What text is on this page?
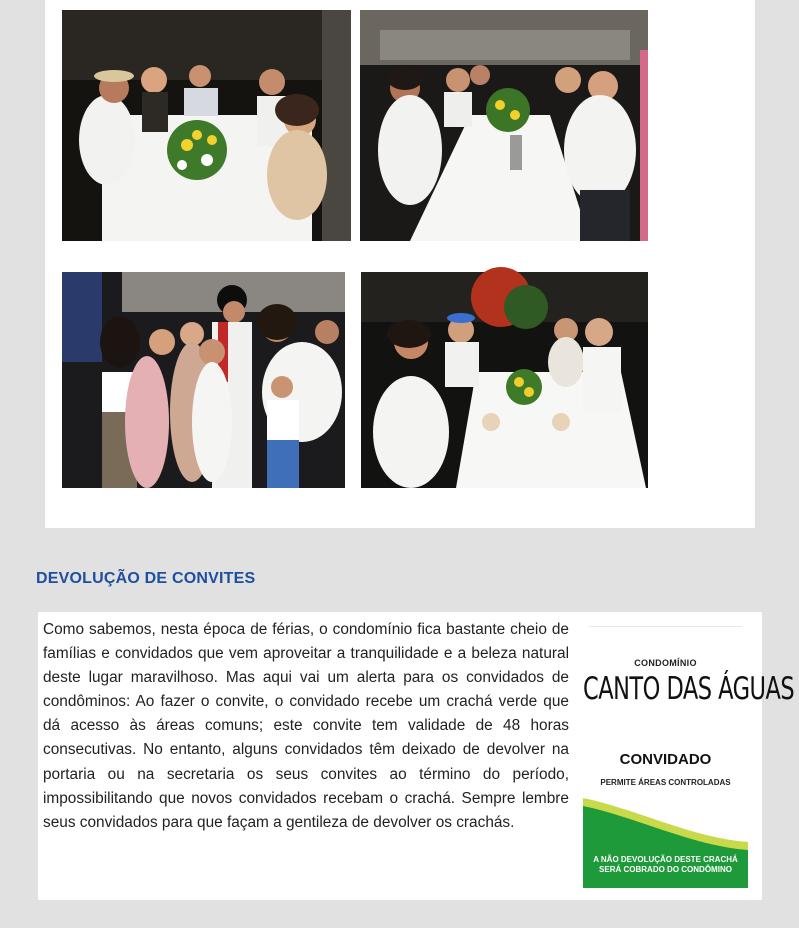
DEVOLUÇÃO DE CONVITES

Como sabemos, nesta época de férias, o condomínio fica bastante cheio de famílias e convidados que vem aproveitar a tranquilidade e a beleza natural deste lugar maravilhoso. Mas aqui vai um alerta para os convidados de condôminos: Ao fazer o convite, o convidado recebe um crachá verde que dá acesso às áreas comuns; este convite tem validade de 48 horas consecutivas. No entanto, alguns convidados têm deixado de devolver na portaria ou na secretaria os seus convites ao término do período, impossibilitando que novos convidados recebam o crachá. Sempre lembre seus convidados para que façam a gentileza de devolver os crachás.

CONDOMÍNIO
CANTO DAS ÁGUAS
CONVIDADO
PERMITE ÁREAS CONTROLADAS
A NÃO DEVOLUÇÃO DESTE CRACHÁ
SERÁ COBRADO DO CONDÔMINO
